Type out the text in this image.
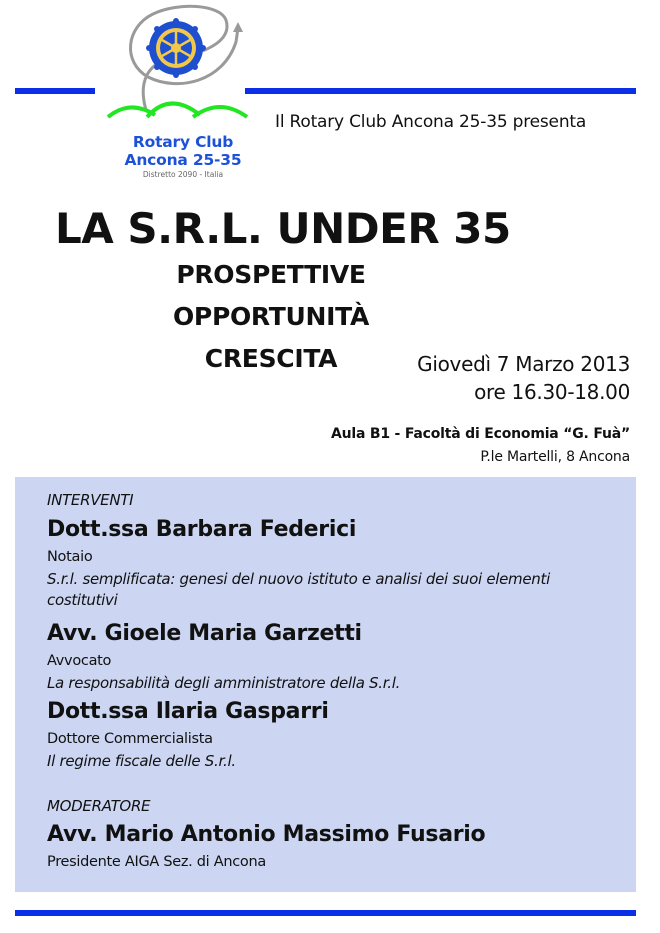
Rotary Club
Ancona 25-35
Distretto 2090 - Italia
Il Rotary Club Ancona 25-35 presenta
LA S.R.L. UNDER 35
PROSPETTIVE
OPPORTUNITÀ
CRESCITA	Giovedì 7 Marzo 2013
ore 16.30-18.00
Aula B1 - Facoltà di Economia “G. Fuà”
P.le Martelli, 8 Ancona
INTERVENTI
Dott.ssa Barbara Federici
Notaio
S.r.l. semplificata: genesi del nuovo istituto e analisi dei suoi elementi costitutivi
Avv. Gioele Maria Garzetti
Avvocato
La responsabilità degli amministratore della S.r.l.
Dott.ssa Ilaria Gasparri
Dottore Commercialista
Il regime fiscale delle S.r.l.
MODERATORE
Avv. Mario Antonio Massimo Fusario
Presidente AIGA Sez. di Ancona
